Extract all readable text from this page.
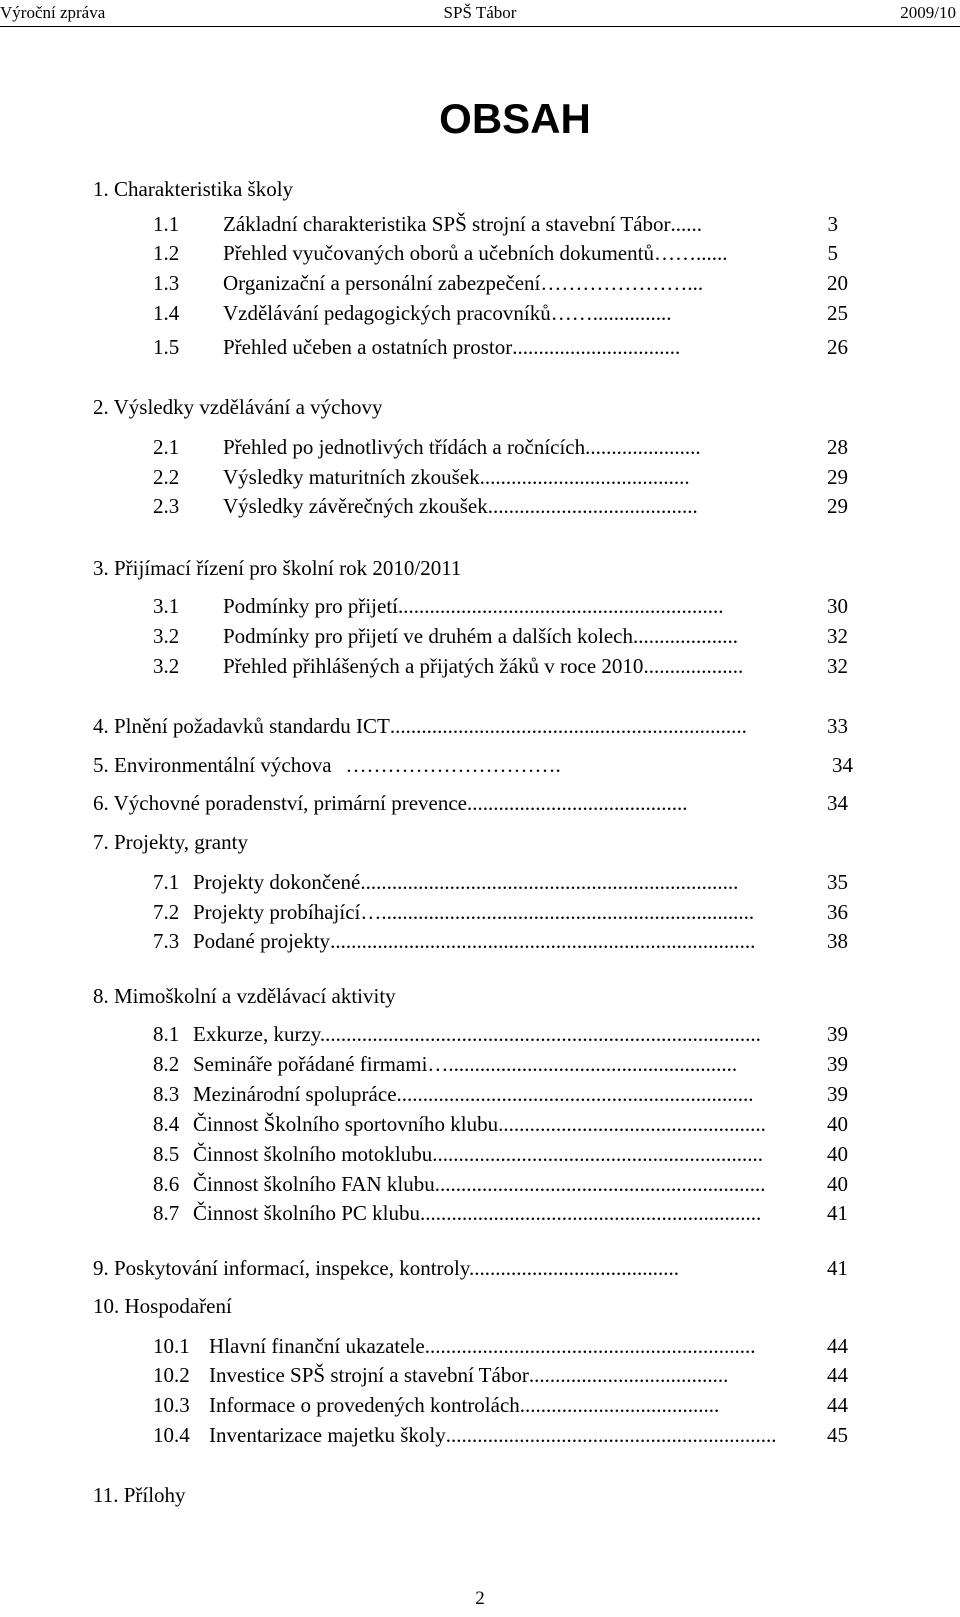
SPŠ Tábor
Výroční zpráva	2009/10
OBSAH
1. Charakteristika školy
1.1	Základní charakteristika SPŠ strojní a stavební Tábor ......	3
1.2	Přehled vyučovaných oborů a učebních dokumentů ……......	5
1.3	Organizační a personální zabezpečení …………………...	20
1.4	Vzdělávání pedagogických pracovníků ……...............	25
1.5	Přehled učeben a ostatních prostor ................................	26
2. Výsledky vzdělávání a výchovy
2.1	Přehled po jednotlivých třídách a ročnících ......................	28
2.2	Výsledky maturitních zkoušek ........................................	29
2.3	Výsledky závěrečných zkoušek ........................................	29
3. Přijímací řízení pro školní rok 2010/2011
3.1	Podmínky pro přijetí ..............................................................	30
3.2	Podmínky pro přijetí ve druhém a dalších kolech ....................	32
3.2	Přehled přihlášených a přijatých žáků v roce 2010 ...................	32
4. Plnění požadavků standardu ICT ....................................................................	33
5. Environmentální výchova ………………………….	34
6. Výchovné poradenství, primární prevence ..........................................	34
7. Projekty, granty
7.1 Projekty dokončené. .......................................................................	35
7.2 Projekty probíhající… .......................................................................	36
7.3 Podané projekty .................................................................................	38
8. Mimoškolní a vzdělávací aktivity
8.1 Exkurze, kurzy. ...................................................................................	39
8.2 Semináře pořádané firmami… .......................................................	39
8.3 Mezinárodní spolupráce ....................................................................	39
8.4 Činnost Školního sportovního klubu ...................................................	40
8.5 Činnost školního motoklubu ...............................................................	40
8.6 Činnost školního FAN klubu ...............................................................	40
8.7 Činnost školního PC klubu .................................................................	41
9. Poskytování informací, inspekce, kontroly.. ......................................	41
10. Hospodaření
10.1 Hlavní finanční ukazatele ...............................................................	44
10.2 Investice SPŠ strojní a stavební Tábor ......................................	44
10.3 Informace o provedených kontrolách ......................................	44
10.4 Inventarizace majetku školy ...............................................................	45
11. Přílohy
2
